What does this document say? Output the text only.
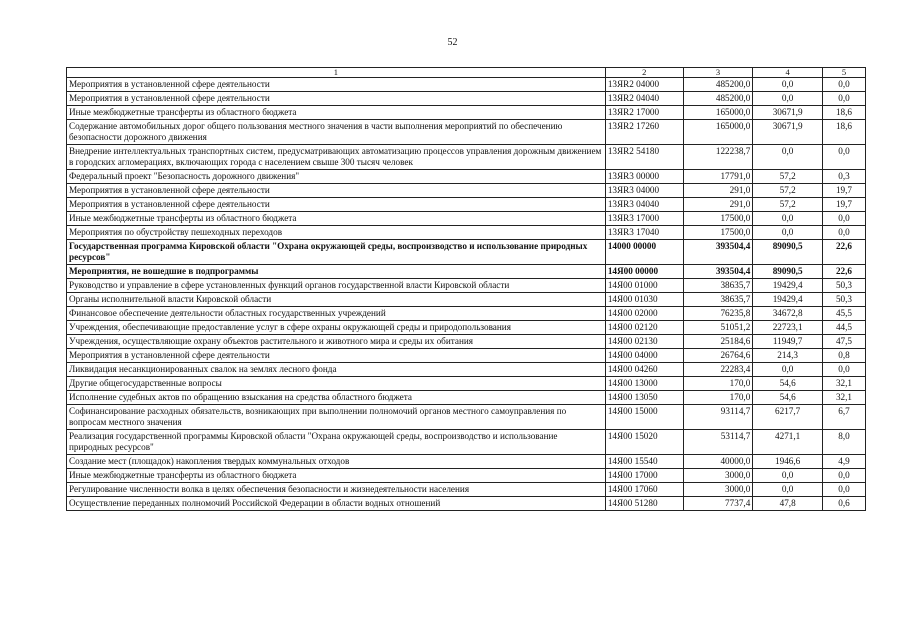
52
1	2	3	4	5
Мероприятия в установленной сфере деятельности	13ЯR2 04000	485200,0	0,0	0,0
Мероприятия в установленной сфере деятельности	13ЯR2 04040	485200,0	0,0	0,0
Иные межбюджетные трансферты из областного бюджета	13ЯR2 17000	165000,0	30671,9	18,6
Содержание автомобильных дорог общего пользования местного значения в части выполнения мероприятий по обеспечению безопасности дорожного движения	13ЯR2 17260	165000,0	30671,9	18,6
Внедрение интеллектуальных транспортных систем, предусматривающих автоматизацию процессов управления дорожным движением в городских агломерациях, включающих города с населением свыше 300 тысяч человек	13ЯR2 54180	122238,7	0,0	0,0
Федеральный проект "Безопасность дорожного движения"	13ЯR3 00000	17791,0	57,2	0,3
Мероприятия в установленной сфере деятельности	13ЯR3 04000	291,0	57,2	19,7
Мероприятия в установленной сфере деятельности	13ЯR3 04040	291,0	57,2	19,7
Иные межбюджетные трансферты из областного бюджета	13ЯR3 17000	17500,0	0,0	0,0
Мероприятия по обустройству пешеходных переходов	13ЯR3 17040	17500,0	0,0	0,0
Государственная программа Кировской области "Охрана окружающей среды, воспроизводство и использование природных ресурсов"	14000 00000	393504,4	89090,5	22,6
Мероприятия, не вошедшие в подпрограммы	14Я00 00000	393504,4	89090,5	22,6
Руководство и управление в сфере установленных функций органов государственной власти Кировской области	14Я00 01000	38635,7	19429,4	50,3
Органы исполнительной власти Кировской области	14Я00 01030	38635,7	19429,4	50,3
Финансовое обеспечение деятельности областных государственных учреждений	14Я00 02000	76235,8	34672,8	45,5
Учреждения, обеспечивающие предоставление услуг в сфере охраны окружающей среды и природопользования	14Я00 02120	51051,2	22723,1	44,5
Учреждения, осуществляющие охрану объектов растительного и животного мира и среды их обитания	14Я00 02130	25184,6	11949,7	47,5
Мероприятия в установленной сфере деятельности	14Я00 04000	26764,6	214,3	0,8
Ликвидация несанкционированных свалок на землях лесного фонда	14Я00 04260	22283,4	0,0	0,0
Другие общегосударственные вопросы	14Я00 13000	170,0	54,6	32,1
Исполнение судебных актов по обращению взыскания на средства областного бюджета	14Я00 13050	170,0	54,6	32,1
Софинансирование расходных обязательств, возникающих при выполнении полномочий органов местного самоуправления по вопросам местного значения	14Я00 15000	93114,7	6217,7	6,7
Реализация государственной программы Кировской области "Охрана окружающей среды, воспроизводство и использование природных ресурсов"	14Я00 15020	53114,7	4271,1	8,0
Создание мест (площадок) накопления твердых коммунальных отходов	14Я00 15540	40000,0	1946,6	4,9
Иные межбюджетные трансферты из областного бюджета	14Я00 17000	3000,0	0,0	0,0
Регулирование численности волка в целях обеспечения безопасности и жизнедеятельности населения	14Я00 17060	3000,0	0,0	0,0
Осуществление переданных полномочий Российской Федерации в области водных отношений	14Я00 51280	7737,4	47,8	0,6
